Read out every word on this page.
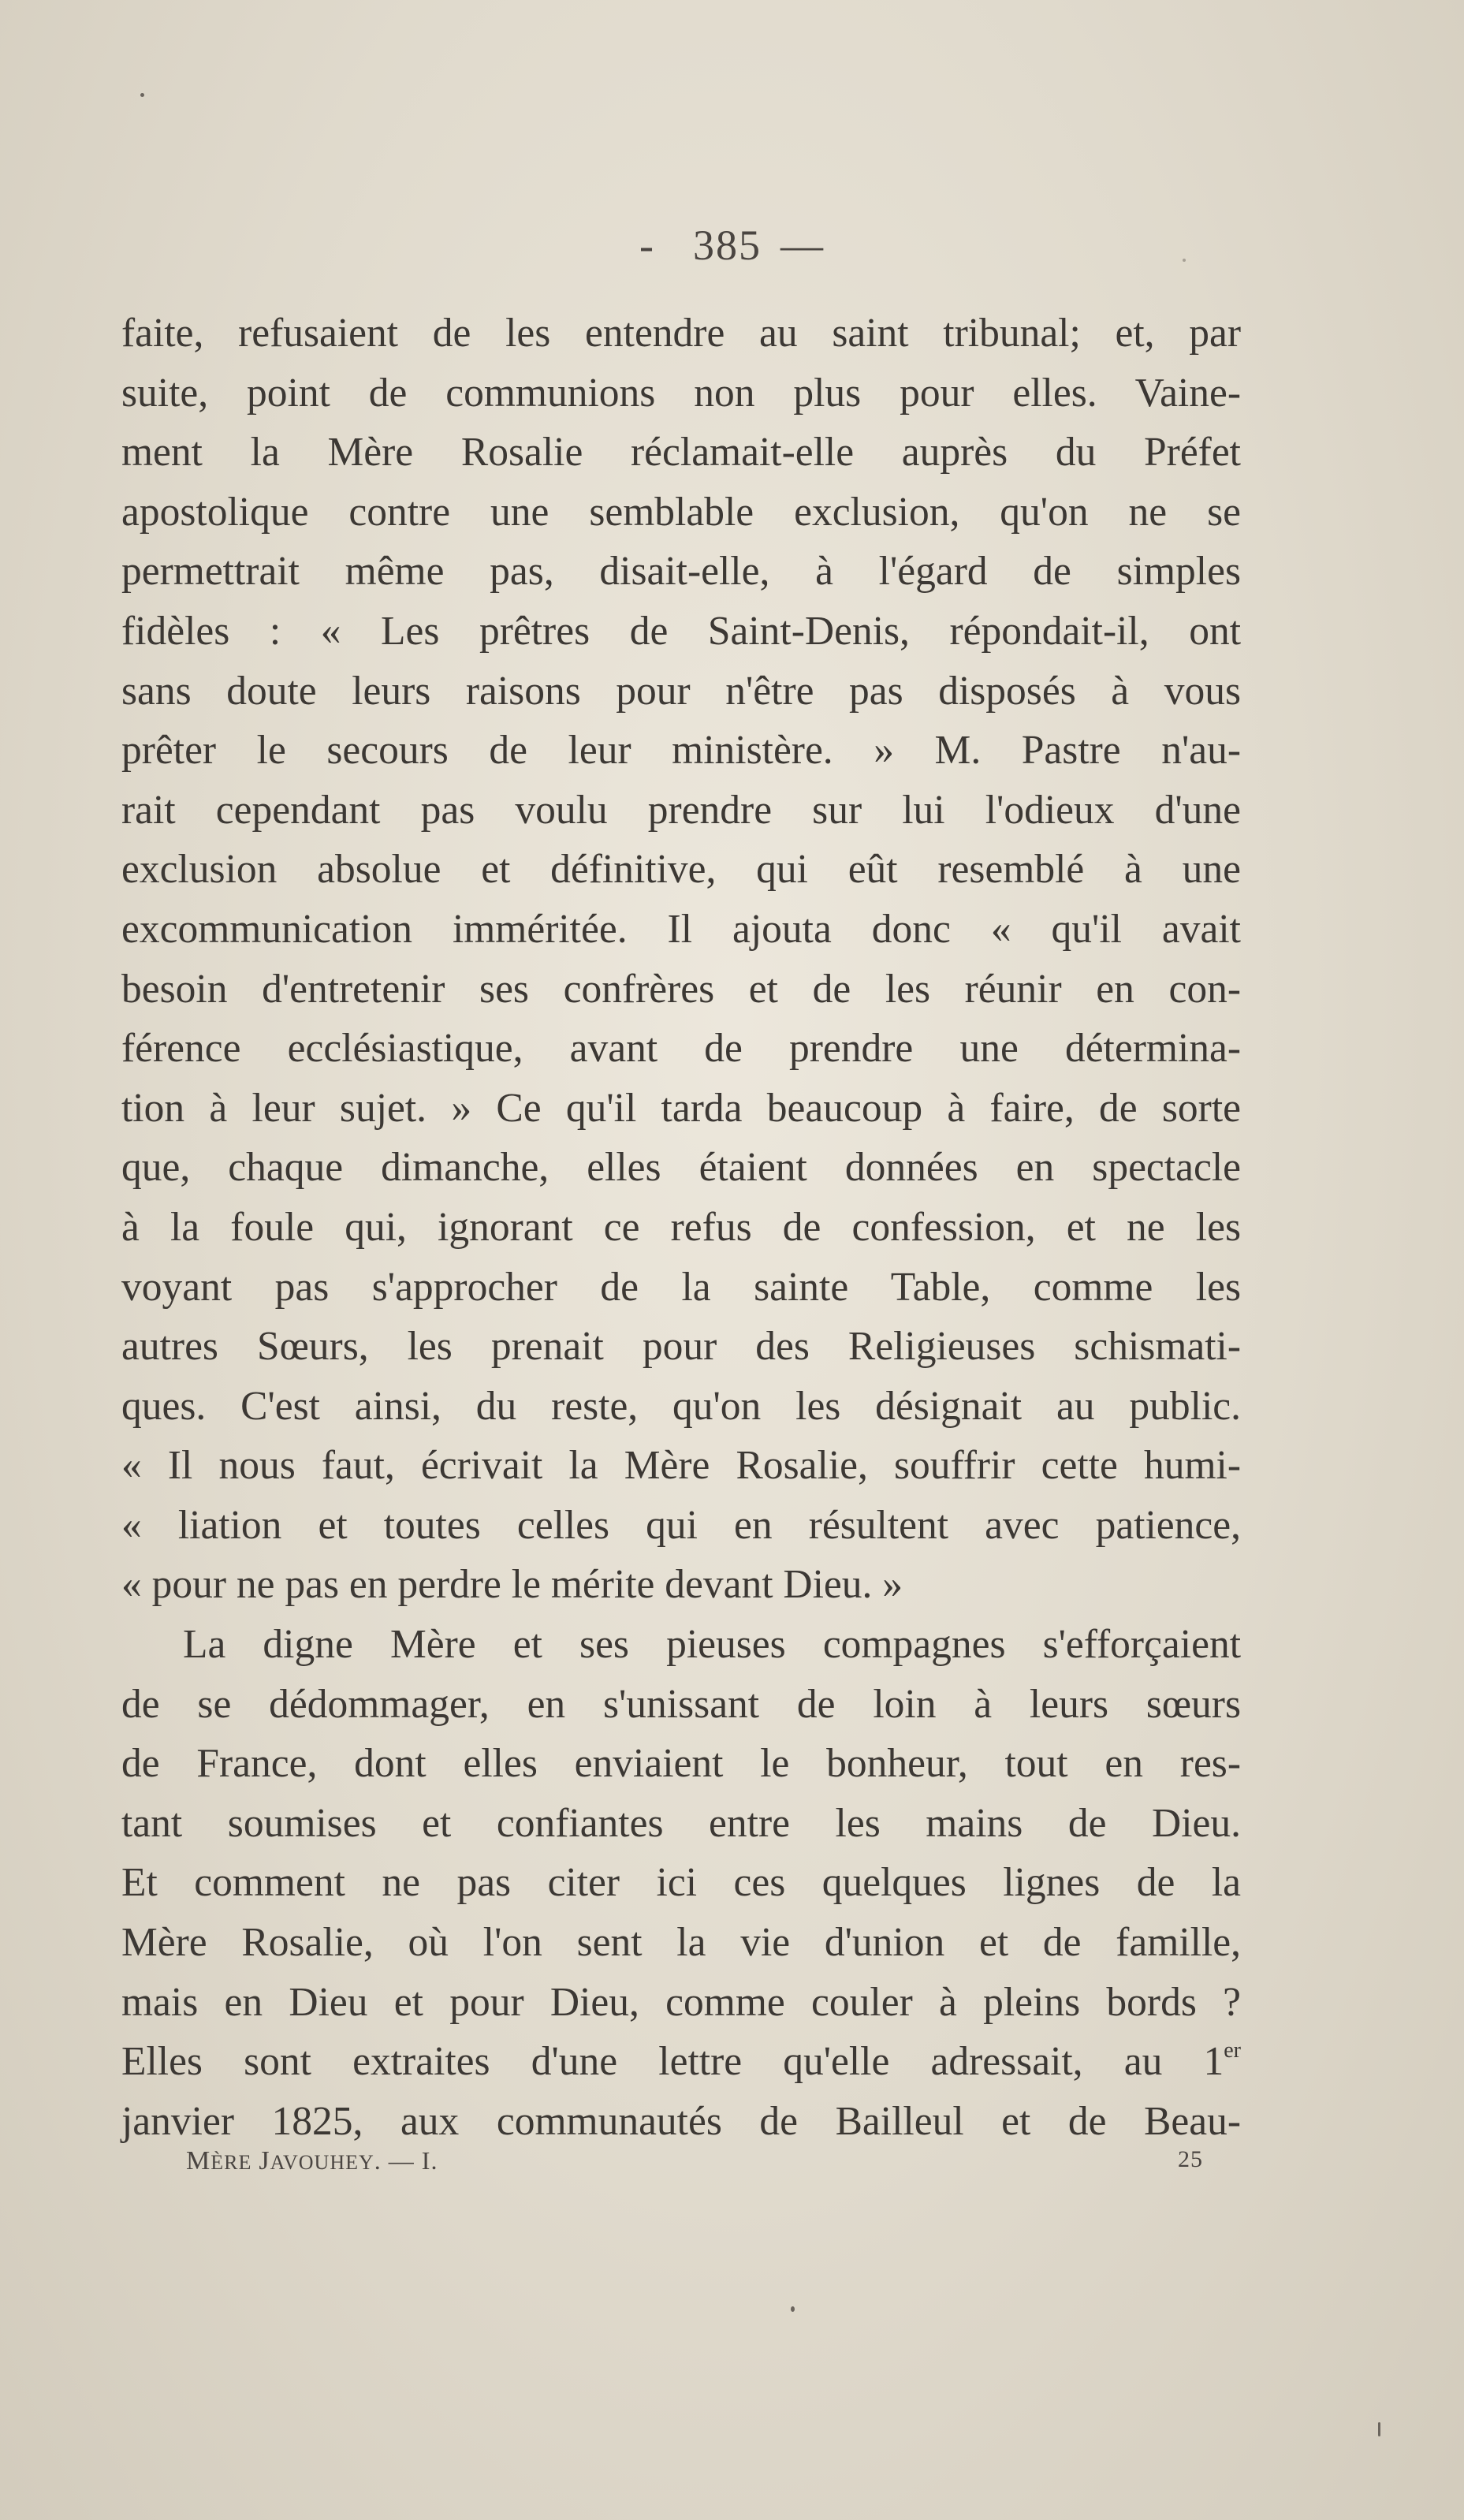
- 385 —
faite, refusaient de les entendre au saint tribunal; et, par
suite, point de communions non plus pour elles. Vaine-
ment la Mère Rosalie réclamait-elle auprès du Préfet
apostolique contre une semblable exclusion, qu'on ne se
permettrait même pas, disait-elle, à l'égard de simples
fidèles : « Les prêtres de Saint-Denis, répondait-il, ont
sans doute leurs raisons pour n'être pas disposés à vous
prêter le secours de leur ministère. » M. Pastre n'au-
rait cependant pas voulu prendre sur lui l'odieux d'une
exclusion absolue et définitive, qui eût resemblé à une
excommunication imméritée. Il ajouta donc « qu'il avait
besoin d'entretenir ses confrères et de les réunir en con-
férence ecclésiastique, avant de prendre une détermina-
tion à leur sujet. » Ce qu'il tarda beaucoup à faire, de sorte
que, chaque dimanche, elles étaient données en spectacle
à la foule qui, ignorant ce refus de confession, et ne les
voyant pas s'approcher de la sainte Table, comme les
autres Sœurs, les prenait pour des Religieuses schismati-
ques. C'est ainsi, du reste, qu'on les désignait au public.
« Il nous faut, écrivait la Mère Rosalie, souffrir cette humi-
« liation et toutes celles qui en résultent avec patience,
« pour ne pas en perdre le mérite devant Dieu. »
La digne Mère et ses pieuses compagnes s'efforçaient
de se dédommager, en s'unissant de loin à leurs sœurs
de France, dont elles enviaient le bonheur, tout en res-
tant soumises et confiantes entre les mains de Dieu.
Et comment ne pas citer ici ces quelques lignes de la
Mère Rosalie, où l'on sent la vie d'union et de famille,
mais en Dieu et pour Dieu, comme couler à pleins bords ?
Elles sont extraites d'une lettre qu'elle adressait, au 1er
janvier 1825, aux communautés de Bailleul et de Beau-
MÈRE JAVOUHEY. — I.	25
